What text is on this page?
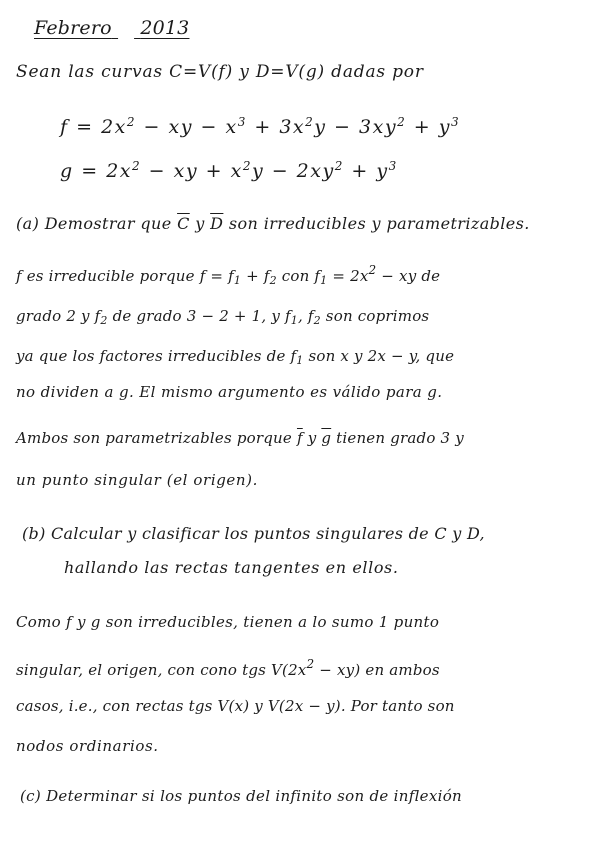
Febrero 2013
Sean las curvas C=V(f) y D=V(g) dadas por
$f = 2x^2$ − xy − $x^3 + 3x^2y - 3xy^2 + y^3$
$g = 2x^2$ − xy + $x^2y - 2xy^2 + y^3$
(a) Demostrar que $\overline{C}$ y $\overline{D}$ son irreducibles y parametrizables.
f es irreducible porque $f = f_1 + f_2$ con $f_1 = 2x^2$ − xy de
grado 2 y $f_2$ de grado 3 − 2 + 1, y $f_1$, $f_2$ son coprimos
ya que los factores irreducibles de $f_1$ son x y 2x − y, que
no dividen a g. El mismo argumento es válido para g.
Ambos son parametrizables porque $\overline{f}$ y $\overline{g}$ tienen grado 3 y
un punto singular (el origen).
(b) Calcular y clasificar los puntos singulares de C y D,
hallando las rectas tangentes en ellos.
Como f y g son irreducibles, tienen a lo sumo 1 punto
singular, el origen, con cono tgs $V(2x^2 - xy)$ en ambos
casos, i.e., con rectas tgs V(x) y V(2x − y). Por tanto son
nodos ordinarios.
(c) Determinar si los puntos del infinito son de inflexión
